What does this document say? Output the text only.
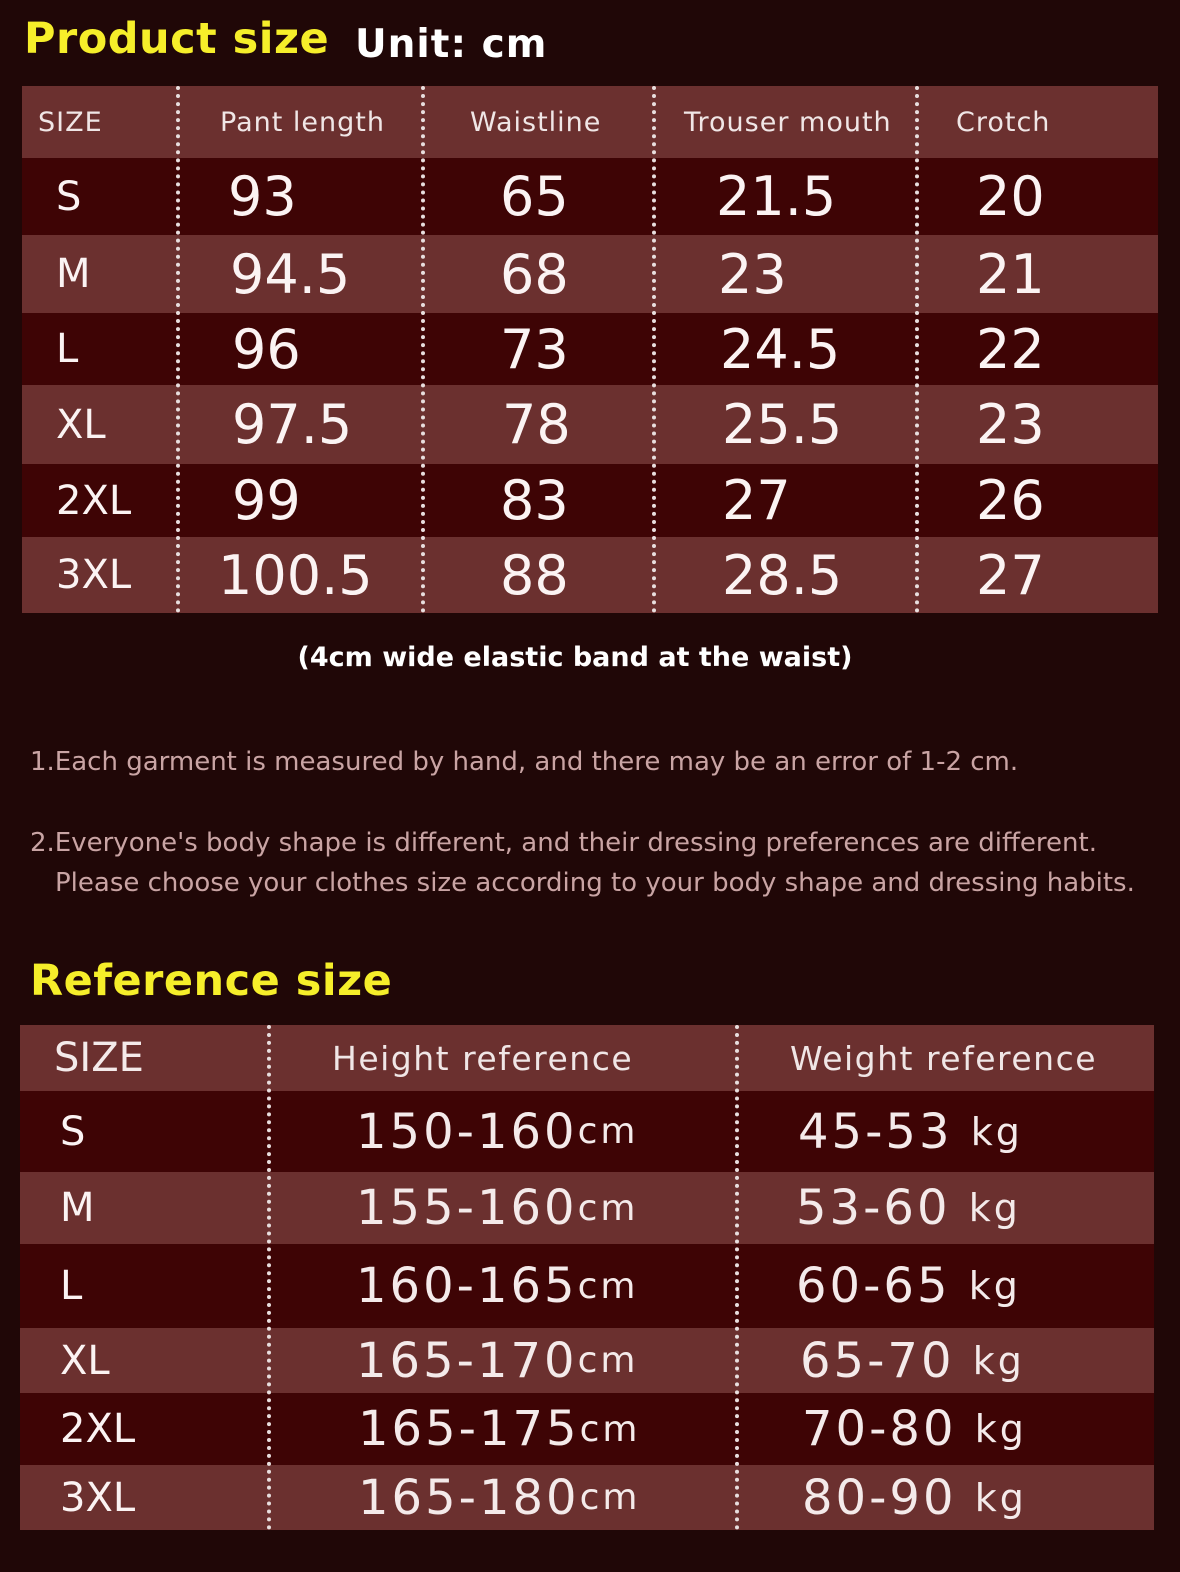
Product size Unit: cm
SIZE	Pant length	Waistline	Trouser mouth Crotch
S	93	65	21.5	20
M	94.5	68	23	21
L	96	73	24.5	22
XL 97.5	78	25.5 23
2XL 99	83	27	26
3XL 100.5 88	28.5 27
(4cm wide elastic band at the waist)
1.Each garment is measured by hand, and there may be an error of 1-2 cm.
2.Everyone's body shape is different, and their dressing preferences are different.
Please choose your clothes size according to your body shape and dressing habits.
Reference size
SIZE	Height reference	Weight reference
S	150-160 cm	45-53
kg
M	155-160 cm	53-60
kg
L	160-165 cm	60-65
kg
XL	165-170 cm	65-70
kg
2XL	165-175 cm	70-80
kg
3XL	165-180 cm	80-90
kg
